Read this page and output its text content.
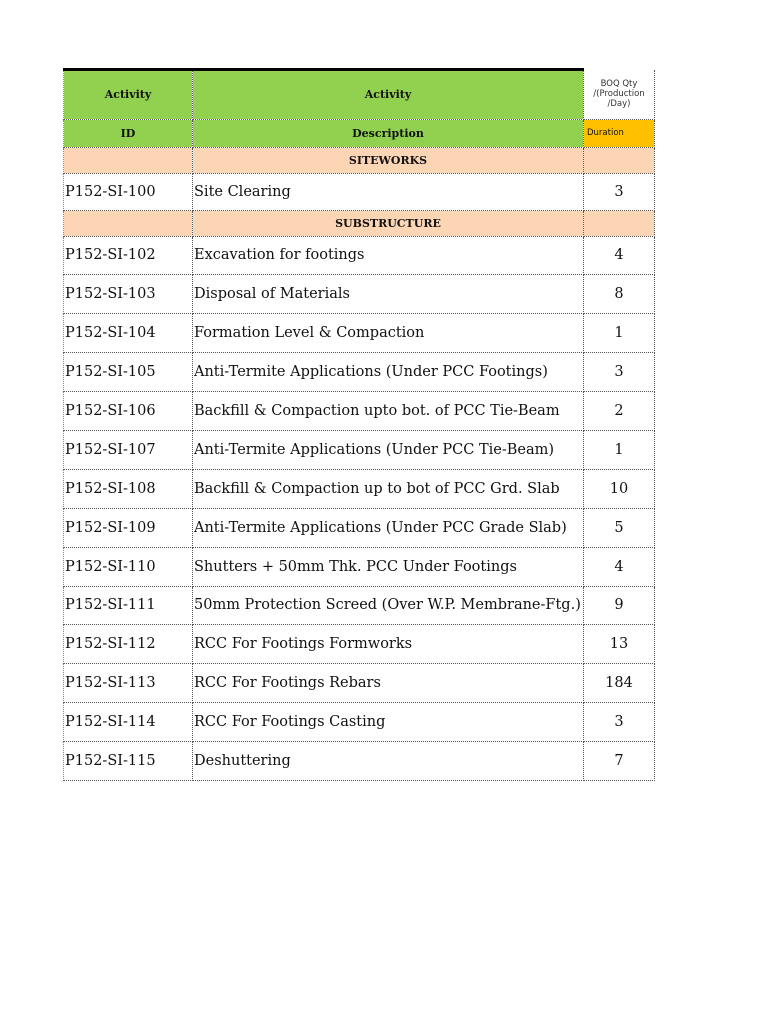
Activity	Activity	BOQ Qty /(Production /Day)
ID	Description	Duration
	SITEWORKS	
P152-SI-100	Site Clearing	3
	SUBSTRUCTURE	
P152-SI-102	Excavation for footings	4
P152-SI-103	Disposal of Materials	8
P152-SI-104	Formation Level & Compaction	1
P152-SI-105	Anti-Termite Applications (Under PCC Footings)	3
P152-SI-106	Backfill & Compaction upto bot. of PCC Tie-Beam	2
P152-SI-107	Anti-Termite Applications (Under PCC Tie-Beam)	1
P152-SI-108	Backfill & Compaction up to bot of PCC Grd. Slab	10
P152-SI-109	Anti-Termite Applications (Under PCC Grade Slab)	5
P152-SI-110	Shutters + 50mm Thk. PCC Under Footings	4
P152-SI-111	50mm Protection Screed (Over W.P. Membrane-Ftg.)	9
P152-SI-112	RCC For Footings Formworks	13
P152-SI-113	RCC For Footings Rebars	184
P152-SI-114	RCC For Footings Casting	3
P152-SI-115	Deshuttering	7
